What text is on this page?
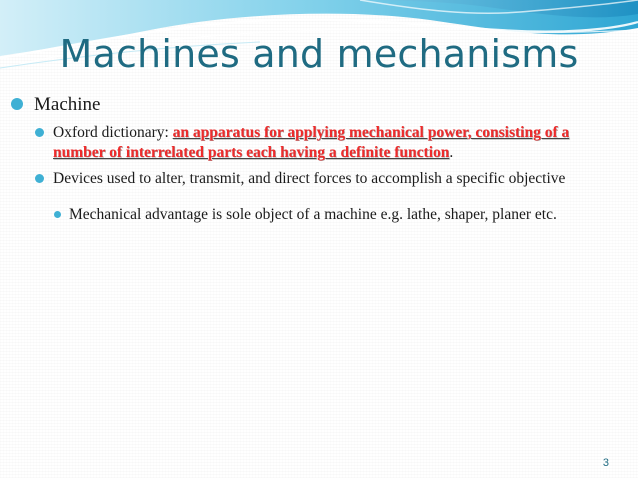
Machines and mechanisms
Machine
Oxford dictionary: an apparatus for applying mechanical power, consisting of a number of interrelated parts each having a definite function.
Devices used to alter, transmit, and direct forces to accomplish a specific objective
Mechanical advantage is sole object of a machine e.g. lathe, shaper, planer etc.
3
